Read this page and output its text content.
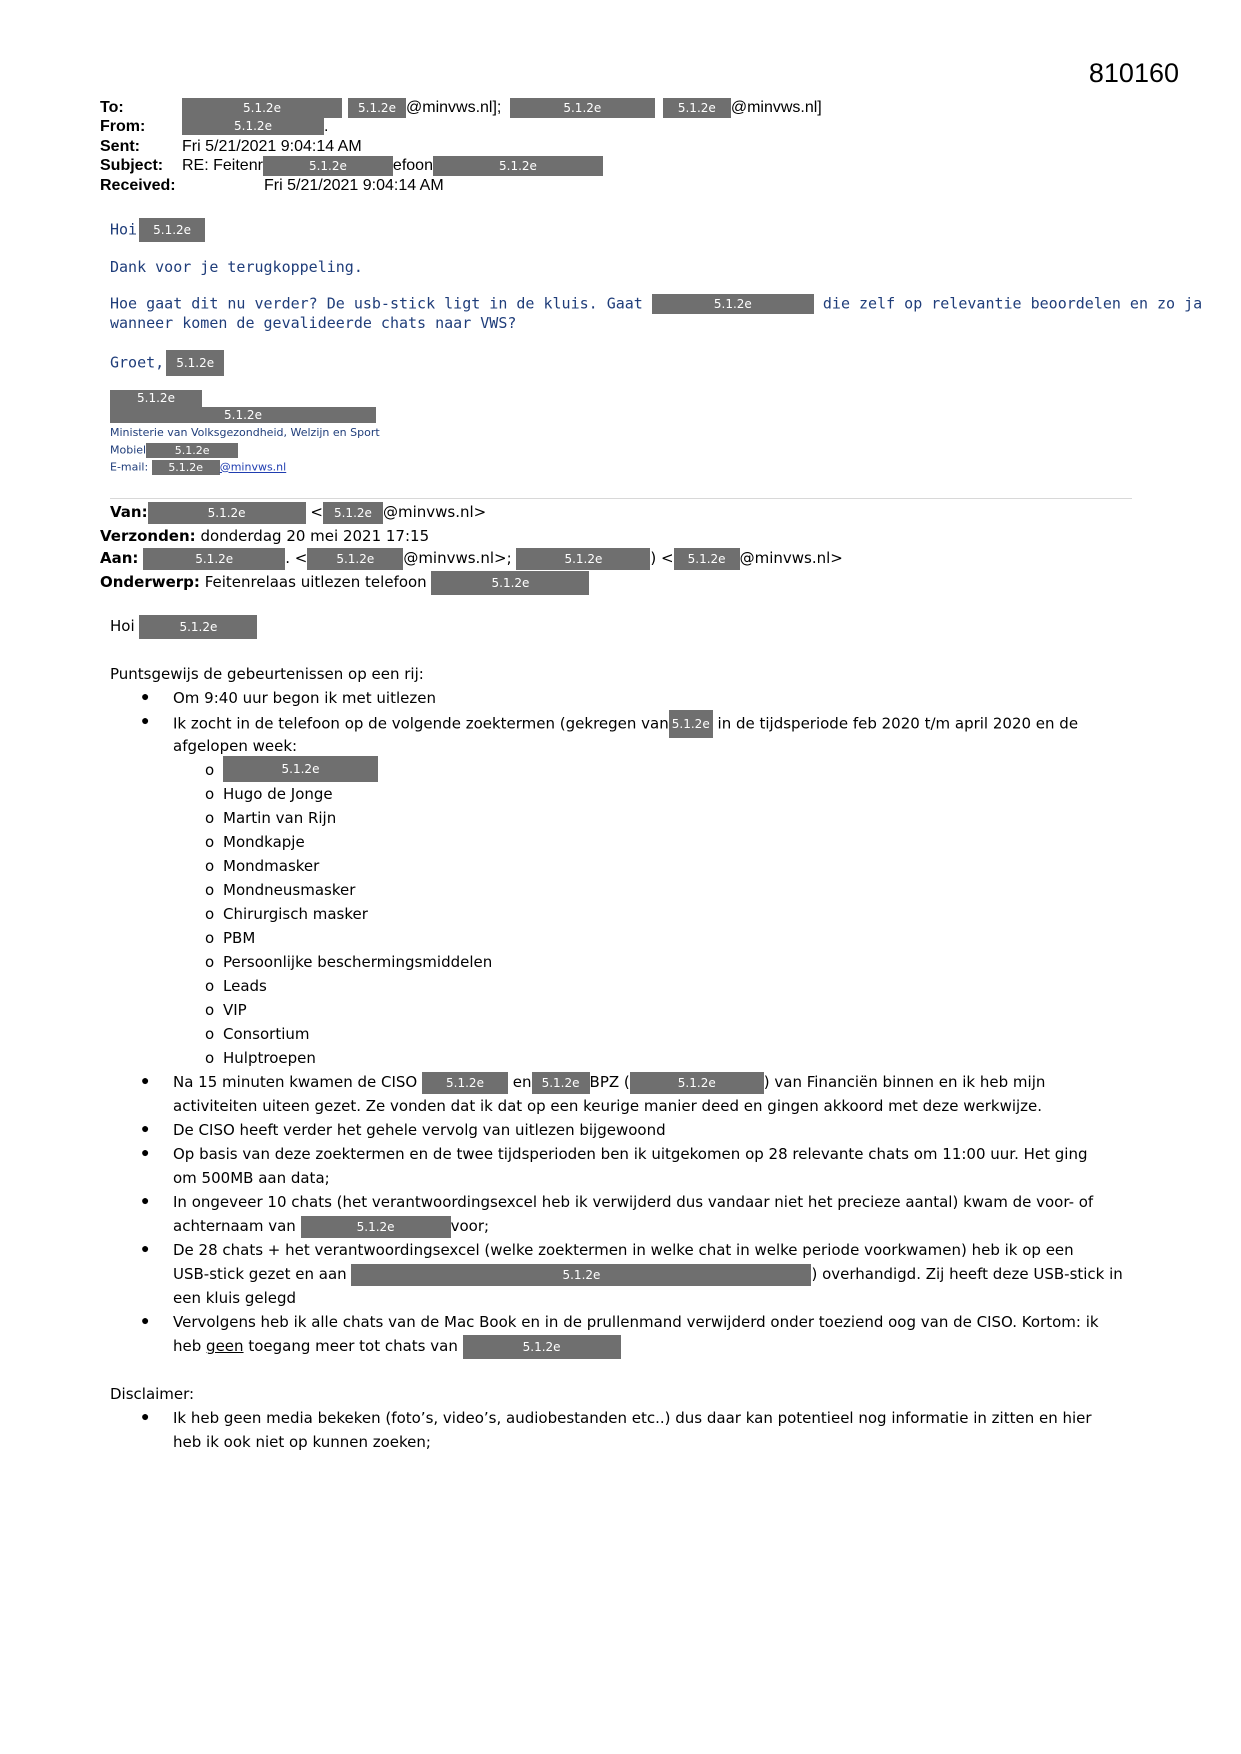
810160
To:	5.1.2e	5.1.2e @minvws.nl];	5.1.2e	5.1.2e @minvws.nl]
From:	5.1.2e	.
Sent:	Fri 5/21/2021 9:04:14 AM
Subject: RE: Feitenr	5.1.2e	efoon	5.1.2e
Received:	Fri 5/21/2021 9:04:14 AM
Hoi 5.1.2e
Dank voor je terugkoppeling.
Hoe gaat dit nu verder? De usb-stick ligt in de kluis. Gaat	5.1.2e	die zelf op relevantie beoordelen en zo ja
wanneer komen de gevalideerde chats naar VWS?
Groet, 5.1.2e
5.1.2e
5.1.2e
Ministerie van Volksgezondheid, Welzijn en Sport
Mobiel	5.1.2e
E-mail: 5.1.2e @minvws.nl
Van:	5.1.2e	< 5.1.2e @minvws.nl>
Verzonden: donderdag 20 mei 2021 17:15
Aan:	5.1.2e	. < 5.1.2e @minvws.nl>;	5.1.2e	) < 5.1.2e @minvws.nl>
Onderwerp: Feitenrelaas uitlezen telefoon	5.1.2e
Hoi	5.1.2e
Puntsgewijs de gebeurtenissen op een rij:
● Om 9:40 uur begon ik met uitlezen
● Ik zocht in de telefoon op de volgende zoektermen (gekregen van 5.1.2e in de tijdsperiode feb 2020 t/m april 2020 en de
afgelopen week:
o	5.1.2e
o Hugo de Jonge
o Martin van Rijn
o Mondkapje
o Mondmasker
o Mondneusmasker
o Chirurgisch masker
o PBM
o Persoonlijke beschermingsmiddelen
o Leads
o VIP
o Consortium
o Hulptroepen
● Na 15 minuten kwamen de CISO 5.1.2e en 5.1.2e BPZ (	5.1.2e	) van Financiën binnen en ik heb mijn
activiteiten uiteen gezet. Ze vonden dat ik dat op een keurige manier deed en gingen akkoord met deze werkwijze.
● De CISO heeft verder het gehele vervolg van uitlezen bijgewoond
● Op basis van deze zoektermen en de twee tijdsperioden ben ik uitgekomen op 28 relevante chats om 11:00 uur. Het ging
om 500MB aan data;
● In ongeveer 10 chats (het verantwoordingsexcel heb ik verwijderd dus vandaar niet het precieze aantal) kwam de voor- of
achternaam van	5.1.2e	voor;
● De 28 chats + het verantwoordingsexcel (welke zoektermen in welke chat in welke periode voorkwamen) heb ik op een
USB-stick gezet en aan	5.1.2e	) overhandigd. Zij heeft deze USB-stick in
een kluis gelegd
● Vervolgens heb ik alle chats van de Mac Book en in de prullenmand verwijderd onder toeziend oog van de CISO. Kortom: ik
heb geen toegang meer tot chats van	5.1.2e
Disclaimer:
● Ik heb geen media bekeken (foto’s, video’s, audiobestanden etc..) dus daar kan potentieel nog informatie in zitten en hier
heb ik ook niet op kunnen zoeken;
